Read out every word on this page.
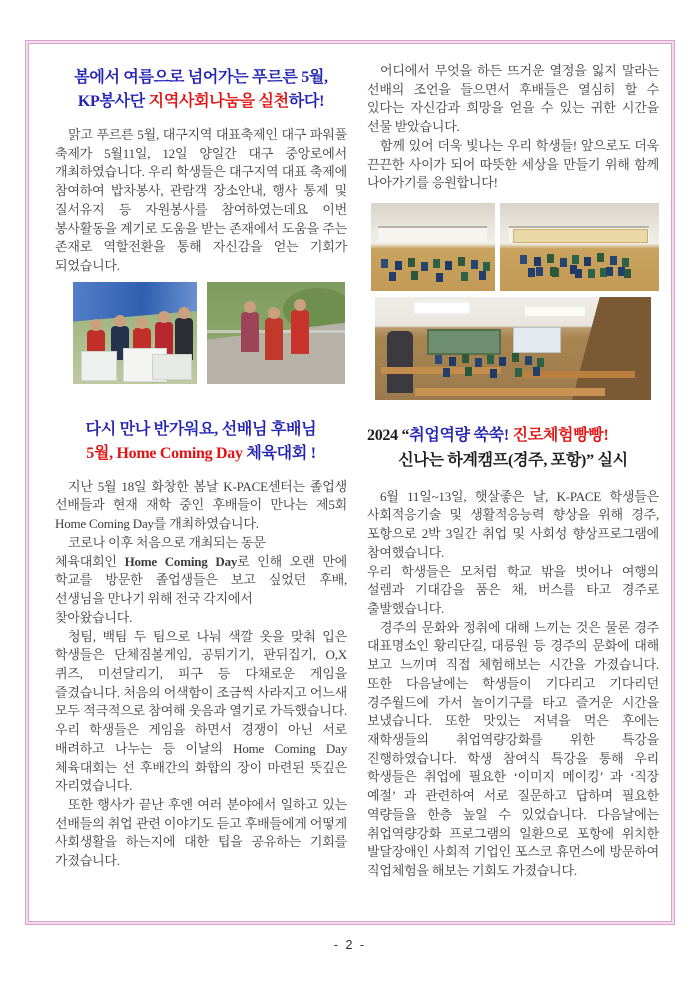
봄에서 여름으로 넘어가는 푸르른 5월,
KP봉사단 지역사회나눔을 실천하다!

맑고 푸르른 5월, 대구지역 대표축제인 대구 파워풀 축제가 5월11일, 12일 양일간 대구 중앙로에서 개최하였습니다. 우리 학생들은 대구지역 대표 축제에 참여하여 밥차봉사, 관람객 장소안내, 행사 통제 및 질서유지 등 자원봉사를 참여하였는데요 이번 봉사활동을 계기로 도움을 받는 존재에서 도움을 주는 존재로 역할전환을 통해 자신감을 얻는 기회가 되었습니다.

다시 만나 반가워요, 선배님 후배님
5월, Home Coming Day 체육대회 !

지난 5월 18일 화창한 봄날 K-PACE센터는 졸업생 선배들과 현재 재학 중인 후배들이 만나는 제5회 Home Coming Day를 개최하였습니다.

코로나 이후 처음으로 개최되는 동문
체육대회인 Home Coming Day로 인해 오랜 만에 학교를 방문한 졸업생들은 보고 싶었던 후배, 선생님을 만나기 위해 전국 각지에서
찾아왔습니다.

청팀, 백팀 두 팀으로 나눠 색깔 옷을 맞춰 입은 학생들은 단체짐볼게임, 공튀기기, 판뒤집기, O,X 퀴즈, 미션달리기, 피구 등 다채로운 게임을 즐겼습니다. 처음의 어색함이 조금씩 사라지고 어느새 모두 적극적으로 참여해 웃음과 열기로 가득했습니다. 우리 학생들은 게임을 하면서 경쟁이 아닌 서로 배려하고 나누는 등 이날의 Home Coming Day 체육대회는 선 후배간의 화합의 장이 마련된 뜻깊은 자리였습니다.

또한 행사가 끝난 후엔 여러 분야에서 일하고 있는 선배들의 취업 관련 이야기도 듣고 후배들에게 어떻게 사회생활을 하는지에 대한 팁을 공유하는 기회를 가졌습니다.

어디에서 무엇을 하든 뜨거운 열정을 잃지 말라는 선배의 조언을 들으면서 후배들은 열심히 할 수 있다는 자신감과 희망을 얻을 수 있는 귀한 시간을 선물 받았습니다.

함께 있어 더욱 빛나는 우리 학생들! 앞으로도 더욱 끈끈한 사이가 되어 따뜻한 세상을 만들기 위해 함께 나아가기를 응원합니다!

2024 “취업역량 쑥쑥! 진로체험빵빵!
신나는 하계캠프(경주, 포항)” 실시

6월 11일~13일, 햇살좋은 날, K-PACE 학생들은 사회적응기술 및 생활적응능력 향상을 위해 경주, 포항으로 2박 3일간 취업 및 사회성 향상프로그램에 참여했습니다.

우리 학생들은 모처럼 학교 밖을 벗어나 여행의 설렘과 기대감을 품은 채, 버스를 타고 경주로 출발했습니다.

경주의 문화와 정취에 대해 느끼는 것은 물론 경주 대표명소인 황리단길, 대릉원 등 경주의 문화에 대해 보고 느끼며 직접 체험해보는 시간을 가졌습니다. 또한 다음날에는 학생들이 기다리고 기다리던 경주월드에 가서 놀이기구를 타고 즐거운 시간을 보냈습니다. 또한 맛있는 저녁을 먹은 후에는 재학생들의 취업역량강화를 위한 특강을 진행하였습니다. 학생 참여식 특강을 통해 우리 학생들은 취업에 필요한 ‘이미지 메이킹’ 과 ‘직장 예절’ 과 관련하여 서로 질문하고 답하며 필요한 역량들을 한층 높일 수 있었습니다. 다음날에는 취업역량강화 프로그램의 일환으로 포항에 위치한 발달장애인 사회적 기업인 포스코 휴먼스에 방문하여 직업체험을 해보는 기회도 가졌습니다.

- 2 -
